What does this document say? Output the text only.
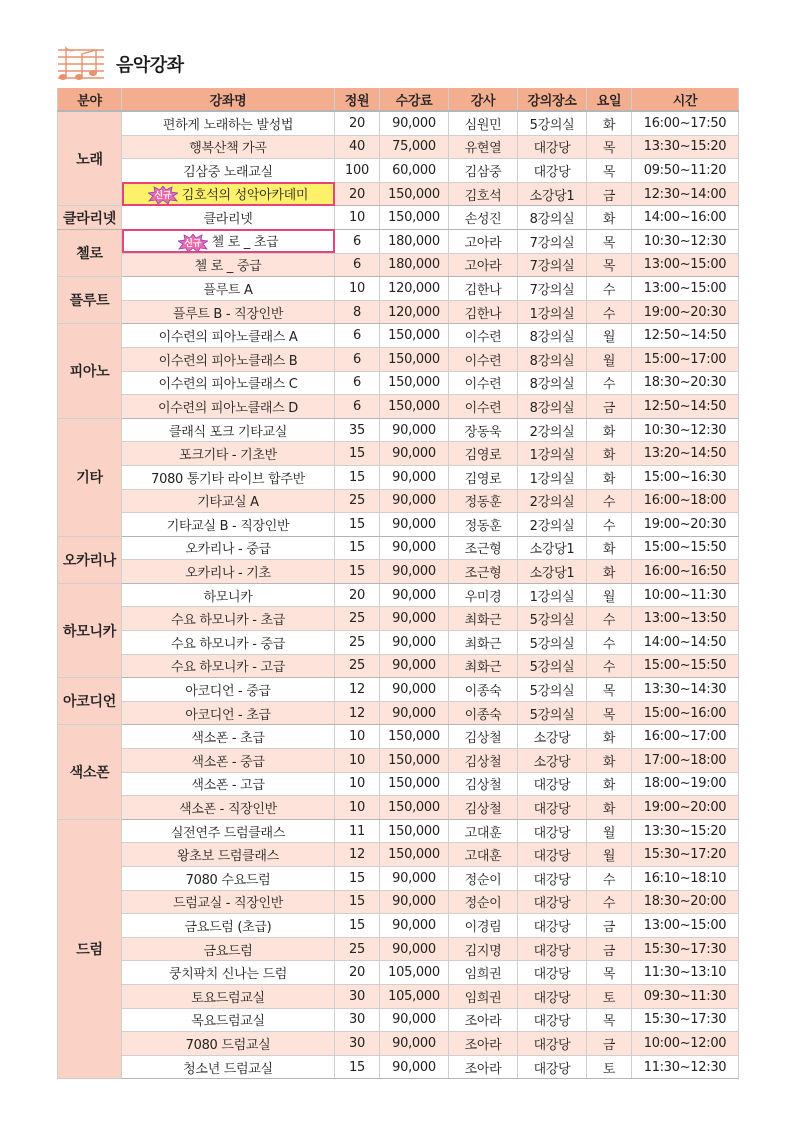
음악강좌
분야	강좌명	정원	수강료	강사	강의장소	요일	시간
노래	편하게 노래하는 발성법	20	90,000	심원민	5강의실	화	16:00~17:50
	행복산책 가곡	40	75,000	유현열	대강당	목	13:30~15:20
	김삼중 노래교실	100	60,000	김삼중	대강당	목	09:50~11:20

	신규 김호석의 성악아카데미	20	150,000	김호석	소강당1	금	12:30~14:00
클라리넷	클라리넷	10	150,000	손성진	8강의실	화	14:00~16:00
첼로	신규 첼 로 _ 초급	6	180,000	고아라	7강의실	목	10:30~12:30
	첼 로 _ 중급	6	180,000	고아라	7강의실	목	13:00~15:00
플루트	플루트 A	10	120,000	김한나	7강의실	수	13:00~15:00
	플루트 B - 직장인반	8	120,000	김한나	1강의실	수	19:00~20:30
피아노	이수련의 피아노클래스 A	6	150,000	이수련	8강의실	월	12:50~14:50
	이수련의 피아노클래스 B	6	150,000	이수련	8강의실	월	15:00~17:00
	이수련의 피아노클래스 C	6	150,000	이수련	8강의실	수	18:30~20:30
	이수련의 피아노클래스 D	6	150,000	이수련	8강의실	금	12:50~14:50
기타	클래식 포크 기타교실	35	90,000	장동욱	2강의실	화	10:30~12:30
	포크기타 - 기초반	15	90,000	김영로	1강의실	화	13:20~14:50
	7080 통기타 라이브 합주반	15	90,000	김영로	1강의실	화	15:00~16:30
	기타교실 A	25	90,000	정동훈	2강의실	수	16:00~18:00
	기타교실 B - 직장인반	15	90,000	정동훈	2강의실	수	19:00~20:30
오카리나	오카리나 - 중급	15	90,000	조근형	소강당1	화	15:00~15:50
	오카리나 - 기초	15	90,000	조근형	소강당1	화	16:00~16:50
하모니카	하모니카	20	90,000	우미경	1강의실	월	10:00~11:30
	수요 하모니카 - 초급	25	90,000	최화근	5강의실	수	13:00~13:50
	수요 하모니카 - 중급	25	90,000	최화근	5강의실	수	14:00~14:50
	수요 하모니카 - 고급	25	90,000	최화근	5강의실	수	15:00~15:50
아코디언	아코디언 - 중급	12	90,000	이종숙	5강의실	목	13:30~14:30
	아코디언 - 초급	12	90,000	이종숙	5강의실	목	15:00~16:00
색소폰	색소폰 - 초급	10	150,000	김상철	소강당	화	16:00~17:00
	색소폰 - 중급	10	150,000	김상철	소강당	화	17:00~18:00
	색소폰 - 고급	10	150,000	김상철	대강당	화	18:00~19:00
	색소폰 - 직장인반	10	150,000	김상철	대강당	화	19:00~20:00
드럼	실전연주 드럼클래스	11	150,000	고대훈	대강당	월	13:30~15:20
	왕초보 드럼클래스	12	150,000	고대훈	대강당	월	15:30~17:20
	7080 수요드럼	15	90,000	정순이	대강당	수	16:10~18:10
	드럼교실 - 직장인반	15	90,000	정순이	대강당	수	18:30~20:00
	금요드럼 (초급)	15	90,000	이경림	대강당	금	13:00~15:00
	금요드럼	25	90,000	김지명	대강당	금	15:30~17:30
	쿵치팍치 신나는 드럼	20	105,000	임희권	대강당	목	11:30~13:10
	토요드럼교실	30	105,000	임희권	대강당	토	09:30~11:30
	목요드럼교실	30	90,000	조아라	대강당	목	15:30~17:30
	7080 드럼교실	30	90,000	조아라	대강당	금	10:00~12:00
	청소년 드럼교실	15	90,000	조아라	대강당	토	11:30~12:30
